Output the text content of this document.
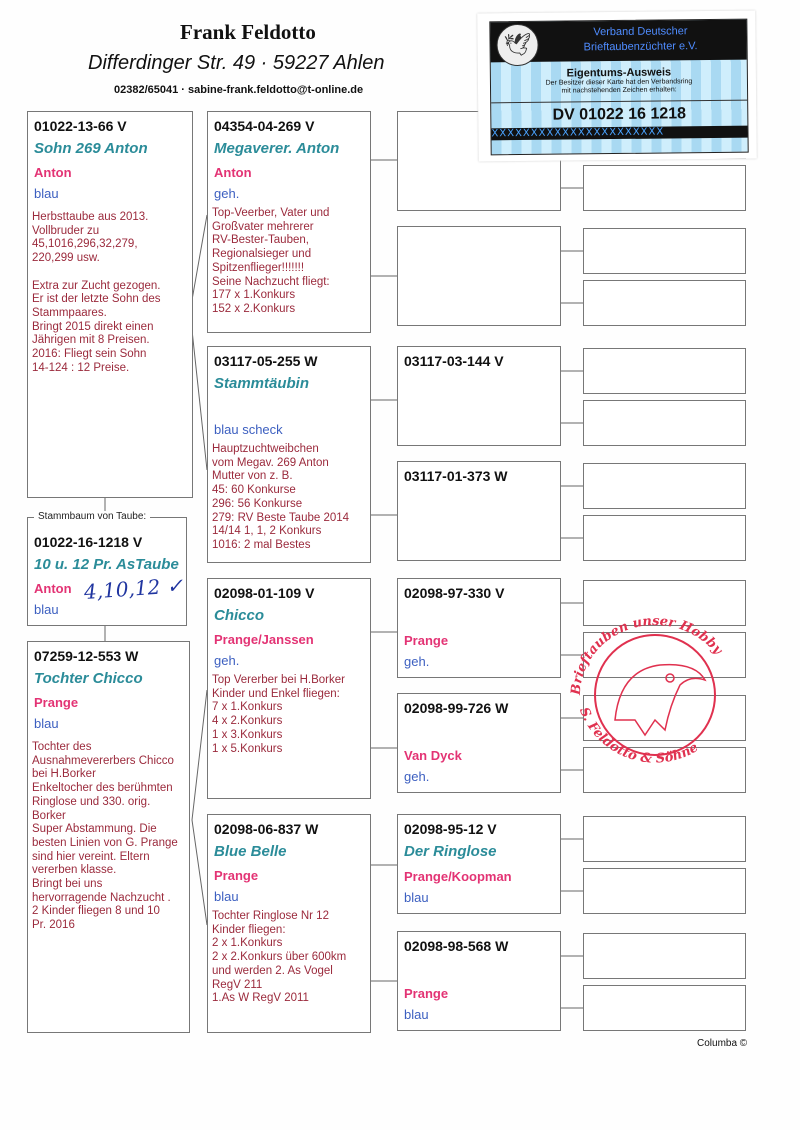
Frank Feldotto
Differdinger Str. 49 · 59227 Ahlen
02382/65041 · sabine-frank.feldotto@t-online.de
01022-13-66 V
Sohn 269 Anton
Anton
blau
Herbsttaube aus 2013.
Vollbruder zu
45,1016,296,32,279,
220,299 usw.

Extra zur Zucht gezogen.
Er ist der letzte Sohn des
Stammpaares.
Bringt 2015 direkt einen
Jährigen mit 8 Preisen.
2016: Fliegt sein Sohn
14-124 : 12 Preise.
01022-16-1218 V
10 u. 12 Pr. AsTaube
Anton
blau
Stammbaum von Taube:
4,10,12 ✓
07259-12-553 W
Tochter Chicco
Prange
blau
Tochter des
Ausnahmevererbers Chicco
bei H.Borker
Enkeltocher des berühmten
Ringlose und 330. orig.
Borker
Super Abstammung. Die
besten Linien von G. Prange
sind hier vereint. Eltern
vererben klasse.
Bringt bei uns
hervorragende Nachzucht .
2 Kinder fliegen 8 und 10
Pr. 2016
04354-04-269 V
Megaverer. Anton
Anton
geh.
Top-Veerber, Vater und
Großvater mehrerer
RV-Bester-Tauben,
Regionalsieger und
Spitzenflieger!!!!!!!
Seine Nachzucht fliegt:
177 x 1.Konkurs
152 x 2.Konkurs
03117-05-255 W
Stammtäubin
blau scheck
Hauptzuchtweibchen
vom Megav. 269 Anton
Mutter von z. B.
45: 60 Konkurse
296: 56 Konkurse
279: RV Beste Taube 2014
14/14 1, 1, 2 Konkurs
1016: 2 mal Bestes
02098-01-109 V
Chicco
Prange/Janssen
geh.
Top Vererber bei H.Borker
Kinder und Enkel fliegen:
7 x 1.Konkurs
4 x 2.Konkurs
1 x 3.Konkurs
1 x 5.Konkurs
02098-06-837 W
Blue Belle
Prange
blau
Tochter Ringlose Nr 12
Kinder fliegen:
2 x 1.Konkurs
2 x 2.Konkurs über 600km
und werden 2. As Vogel
RegV 211
1.As W RegV 2011
03117-03-144 V
03117-01-373 W
02098-97-330 V
Prange
geh.
02098-99-726 W
Van Dyck
geh.
02098-95-12 V
Der Ringlose
Prange/Koopman
blau
02098-98-568 W
Prange
blau
🕊
Verband Deutscher
Brieftaubenzüchter e.V.
Eigentums-Ausweis
Der Besitzer dieser Karte hat den Verbandsring
mit nachstehenden Zeichen erhalten:
DV 01022 16 1218
ⅩⅩⅩⅩⅩⅩⅩⅩⅩⅩⅩⅩⅩⅩⅩⅩⅩⅩⅩⅩⅩⅩ
Brieftauben unser Hobby
S. Feldotto & Söhne
Columba ©
